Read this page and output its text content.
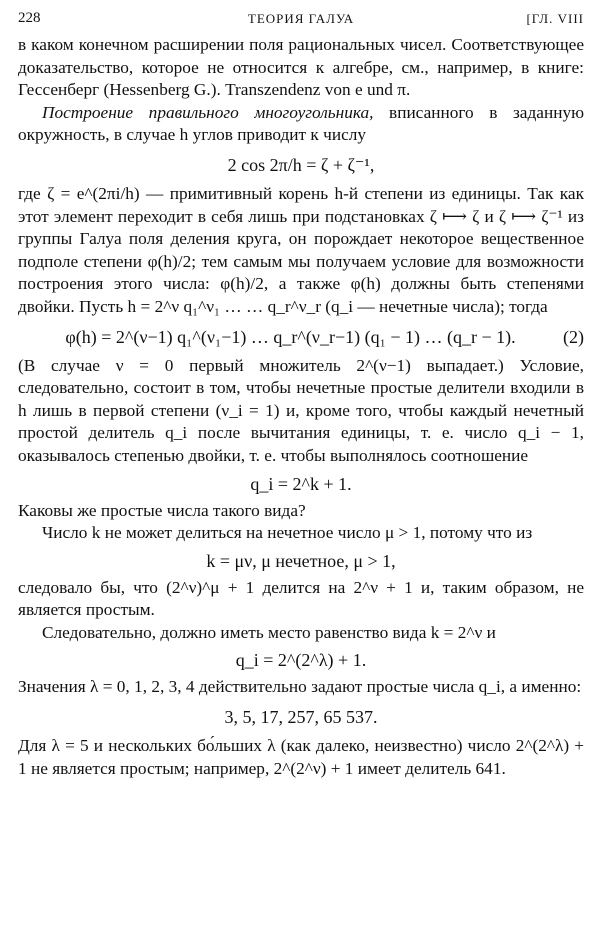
228	ТЕОРИЯ ГАЛУА	[ГЛ. VIII

в каком конечном расширении поля рациональных чисел. Соответствующее доказательство, которое не относится к алгебре, см., например, в книге: Гессенберг (Hessenberg G.). Transzendenz von e und π.

Построение правильного многоугольника, вписанного в заданную окружность, в случае h углов приводит к числу

2 cos 2π/h = ζ + ζ⁻¹,

где ζ = e^(2πi/h) — примитивный корень h-й степени из единицы. Так как этот элемент переходит в себя лишь при подстановках ζ ⟼ ζ и ζ ⟼ ζ⁻¹ из группы Галуа поля деления круга, он порождает некоторое вещественное подполе степени φ(h)/2; тем самым мы получаем условие для возможности построения этого числа: φ(h)/2, а также φ(h) должны быть степенями двойки. Пусть h = 2^ν q₁^ν₁ … … q_r^ν_r (q_i — нечетные числа); тогда

(2)
φ(h) = 2^(ν−1) q₁^(ν₁−1) … q_r^(ν_r−1) (q₁ − 1) … (q_r − 1).

(В случае ν = 0 первый множитель 2^(ν−1) выпадает.) Условие, следовательно, состоит в том, чтобы нечетные простые делители входили в h лишь в первой степени (ν_i = 1) и, кроме того, чтобы каждый нечетный простой делитель q_i после вычитания единицы, т. е. число q_i − 1, оказывалось степенью двойки, т. е. чтобы выполнялось соотношение

q_i = 2^k + 1.

Каковы же простые числа такого вида?

Число k не может делиться на нечетное число μ > 1, потому что из

k = μν, μ нечетное, μ > 1,

следовало бы, что (2^ν)^μ + 1 делится на 2^ν + 1 и, таким образом, не является простым.

Следовательно, должно иметь место равенство вида k = 2^ν и

q_i = 2^(2^λ) + 1.

Значения λ = 0, 1, 2, 3, 4 действительно задают простые числа q_i, а именно:

3, 5, 17, 257, 65 537.

Для λ = 5 и нескольких бо́льших λ (как далеко, неизвестно) число 2^(2^λ) + 1 не является простым; например, 2^(2^ν) + 1 имеет делитель 641.
